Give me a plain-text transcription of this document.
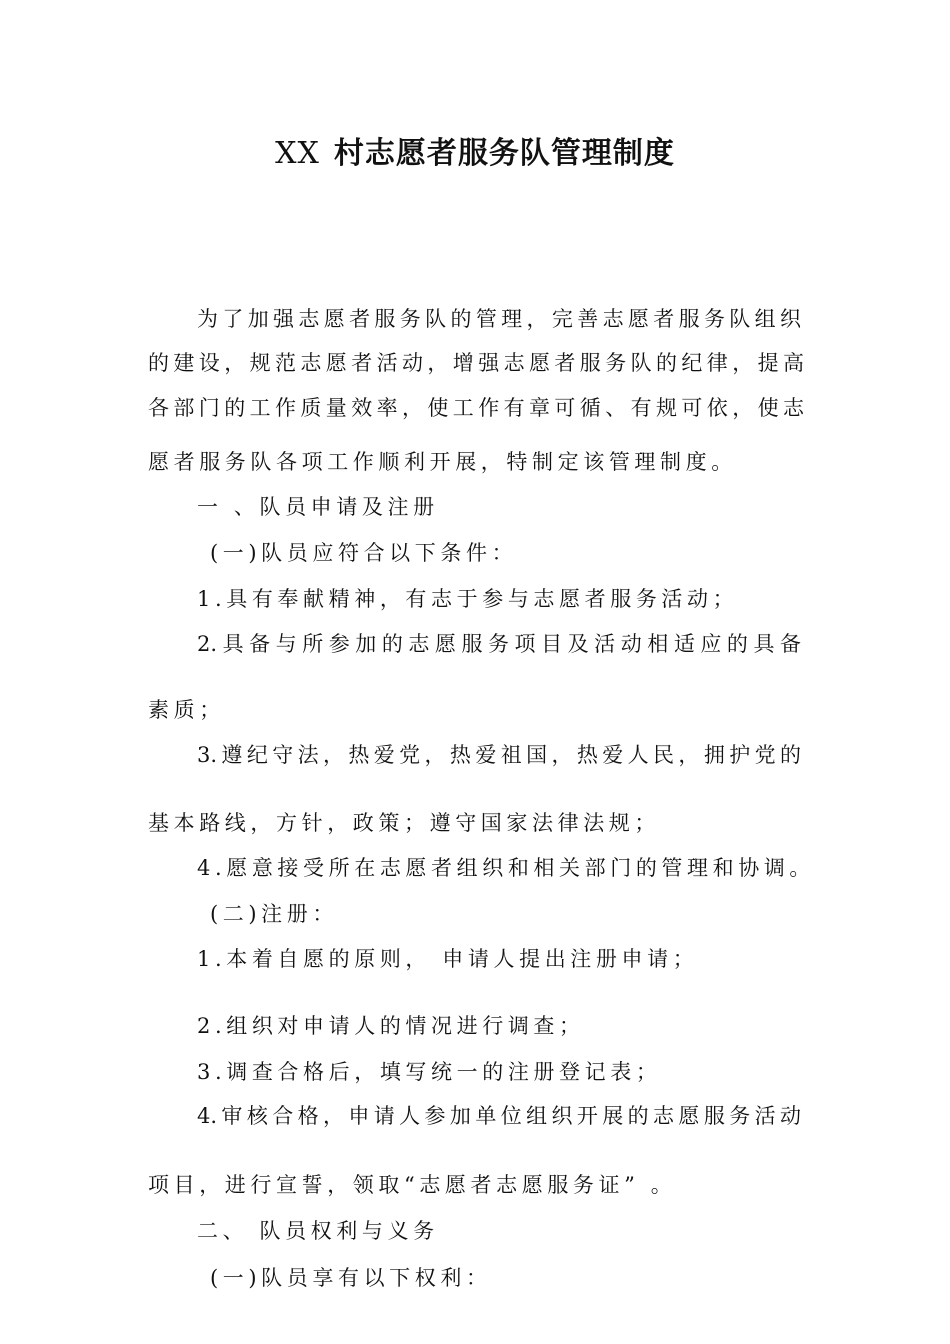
XX 村志愿者服务队管理制度
为了加强志愿者服务队的管理，完善志愿者服务队组织
的建设，规范志愿者活动，增强志愿者服务队的纪律，提高
各部门的工作质量效率，使工作有章可循、有规可依，使志
愿者服务队各项工作顺利开展，特制定该管理制度。
一 、队员申请及注册
(一)队员应符合以下条件：
1.具有奉献精神，有志于参与志愿者服务活动；
2.具备与所参加的志愿服务项目及活动相适应的具备
素质；
3.遵纪守法，热爱党，热爱祖国，热爱人民，拥护党的
基本路线，方针，政策；遵守国家法律法规；
4.愿意接受所在志愿者组织和相关部门的管理和协调。
(二)注册：
1.本着自愿的原则， 申请人提出注册申请；
2.组织对申请人的情况进行调查；
3.调查合格后，填写统一的注册登记表；
4.审核合格，申请人参加单位组织开展的志愿服务活动
项目，进行宣誓，领取“志愿者志愿服务证” 。
二、 队员权利与义务
(一)队员享有以下权利：
